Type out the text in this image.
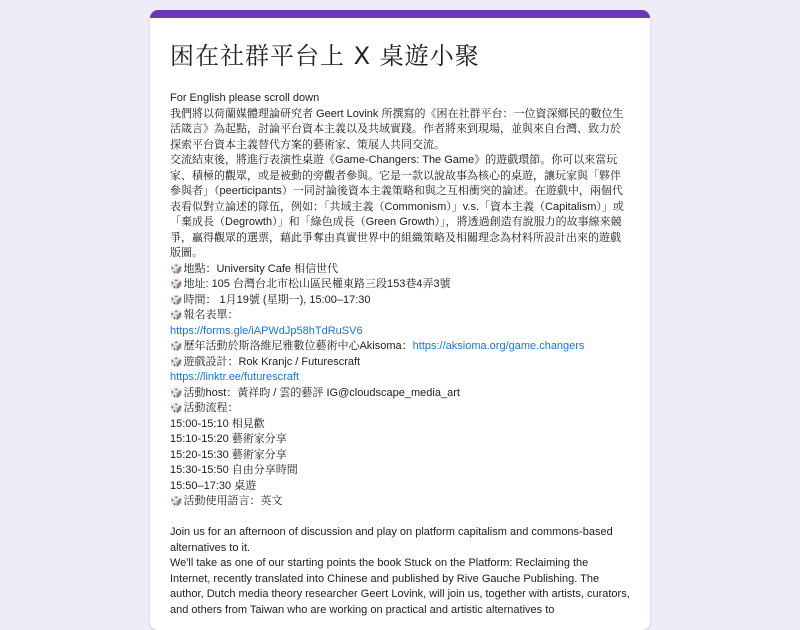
困在社群平台上 X 桌遊小聚
For English please scroll down
我們將以荷蘭媒體理論研究者 Geert Lovink 所撰寫的《困在社群平台：一位資深鄉民的數位生活箴言》為起點，討論平台資本主義以及共域實踐。作者將來到現場，並與來自台灣、致力於探索平台資本主義替代方案的藝術家、策展人共同交流。
交流結束後，將進行表演性桌遊《Game-Changers: The Game》的遊戲環節。你可以來當玩家、積極的觀眾，或是被動的旁觀者參與。它是一款以說故事為核心的桌遊，讓玩家與「夥伴參與者」（peerticipants）一同討論後資本主義策略和與之互相衝突的論述。在遊戲中，兩個代表看似對立論述的隊伍，例如：「共域主義（Commonism）」v.s.「資本主義（Capitalism）」或「棄成長（Degrowth）」和「綠色成長（Green Growth）」，將透過創造有說服力的故事線來競爭，贏得觀眾的選票，藉此爭奪由真實世界中的組織策略及相關理念為材料所設計出來的遊戲版圖。
🎲地點：University Cafe 相信世代
🎲地址: 105 台灣台北市松山區民權東路三段153巷4弄3號
🎲時間： 1月19號 (星期一), 15:00–17:30
🎲報名表單：
https://forms.gle/iAPWdJp58hTdRuSV6
🎲歷年活動於斯洛維尼雅數位藝術中心Akisoma：https://aksioma.org/game.changers
🎲遊戲設計：Rok Kranjc / Futurescraft
https://linktr.ee/futurescraft
🎲活動host：黃祥昀 / 雲的藝評 IG@cloudscape_media_art
🎲活動流程：
15:00-15:10 相見歡
15:10-15:20 藝術家分享
15:20-15:30 藝術家分享
15:30-15:50 自由分享時間
15:50–17:30 桌遊
🎲活動使用語言：英文
Join us for an afternoon of discussion and play on platform capitalism and commons-based alternatives to it.
We'll take as one of our starting points the book Stuck on the Platform: Reclaiming the Internet, recently translated into Chinese and published by Rive Gauche Publishing. The author, Dutch media theory researcher Geert Lovink, will join us, together with artists, curators, and others from Taiwan who are working on practical and artistic alternatives to
